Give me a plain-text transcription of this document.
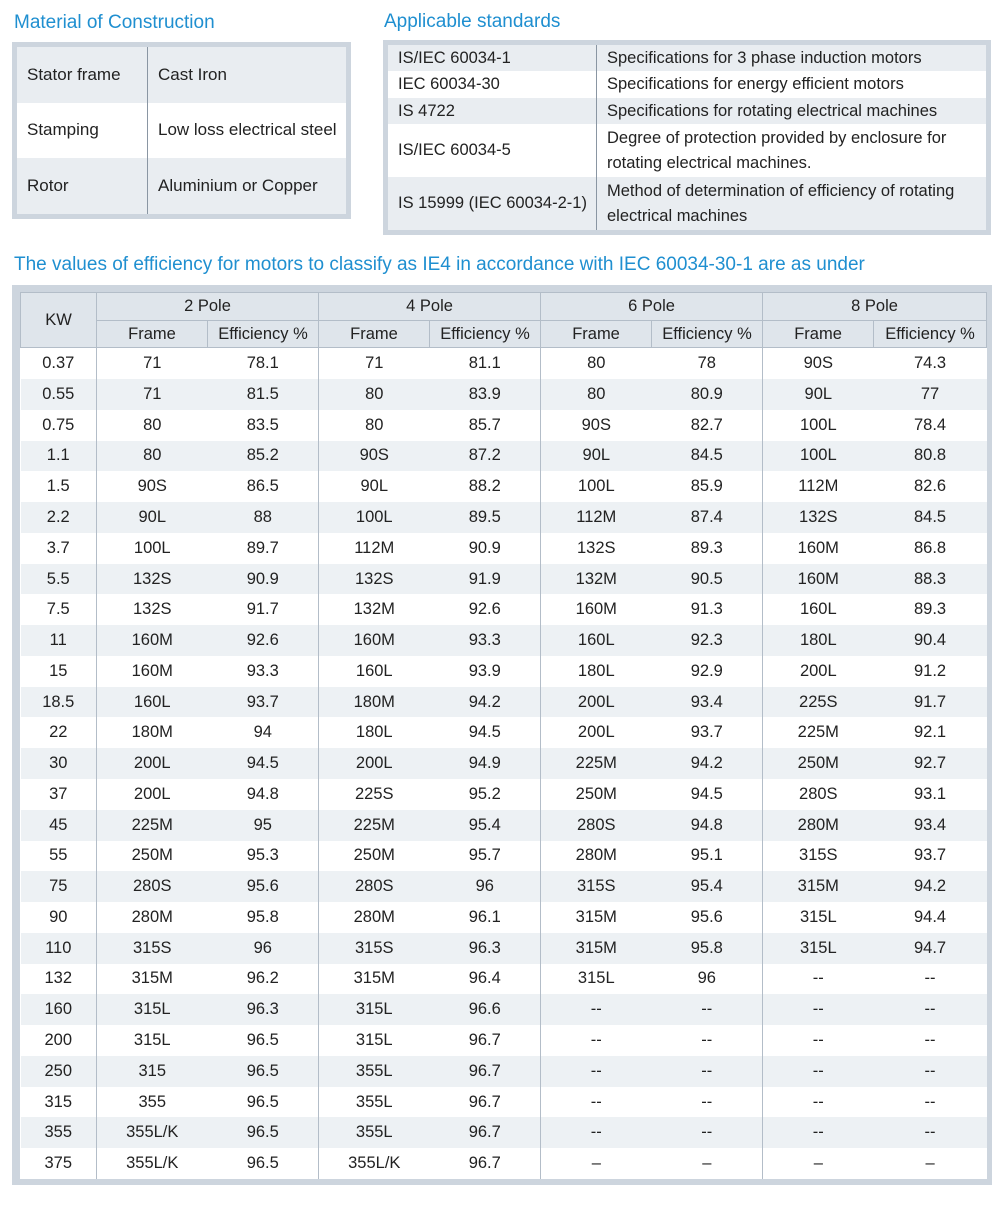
Material of Construction
Stator frame	Cast Iron
Stamping	Low loss electrical steel
Rotor	Aluminium or Copper
Applicable standards
IS/IEC 60034-1	Specifications for 3 phase induction motors
IEC 60034-30	Specifications for energy efficient motors
IS 4722	Specifications for rotating electrical machines
IS/IEC 60034-5	Degree of protection provided by enclosure for rotating electrical machines.
IS 15999 (IEC 60034-2-1)	Method of determination of efficiency of rotating electrical machines
The values of efficiency for motors to classify as IE4 in accordance with IEC 60034-30-1 are as under
KW	2 Pole		4 Pole		6 Pole		8 Pole	
	Frame	Efficiency %	Frame	Efficiency %	Frame	Efficiency %	Frame	Efficiency %
0.37	71	78.1	71	81.1	80	78	90S	74.3
0.55	71	81.5	80	83.9	80	80.9	90L	77
0.75	80	83.5	80	85.7	90S	82.7	100L	78.4
1.1	80	85.2	90S	87.2	90L	84.5	100L	80.8
1.5	90S	86.5	90L	88.2	100L	85.9	112M	82.6
2.2	90L	88	100L	89.5	112M	87.4	132S	84.5
3.7	100L	89.7	112M	90.9	132S	89.3	160M	86.8
5.5	132S	90.9	132S	91.9	132M	90.5	160M	88.3
7.5	132S	91.7	132M	92.6	160M	91.3	160L	89.3
11	160M	92.6	160M	93.3	160L	92.3	180L	90.4
15	160M	93.3	160L	93.9	180L	92.9	200L	91.2
18.5	160L	93.7	180M	94.2	200L	93.4	225S	91.7
22	180M	94	180L	94.5	200L	93.7	225M	92.1
30	200L	94.5	200L	94.9	225M	94.2	250M	92.7
37	200L	94.8	225S	95.2	250M	94.5	280S	93.1
45	225M	95	225M	95.4	280S	94.8	280M	93.4
55	250M	95.3	250M	95.7	280M	95.1	315S	93.7
75	280S	95.6	280S	96	315S	95.4	315M	94.2
90	280M	95.8	280M	96.1	315M	95.6	315L	94.4
110	315S	96	315S	96.3	315M	95.8	315L	94.7
132	315M	96.2	315M	96.4	315L	96	--	--
160	315L	96.3	315L	96.6	--	--	--	--
200	315L	96.5	315L	96.7	--	--	--	--
250	315	96.5	355L	96.7	--	--	--	--
315	355	96.5	355L	96.7	--	--	--	--
355	355L/K	96.5	355L	96.7	--	--	--	--
375	355L/K	96.5	355L/K	96.7	–	–	–	–
